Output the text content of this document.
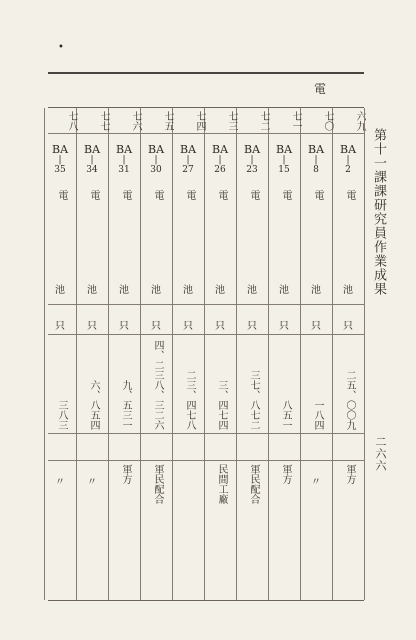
•
電
第十一課課研究員作業成果
二六六
六九
BA
|
2
電
池
只
二五、〇〇九
軍方
七〇
BA
|
8
電
池
只
一八四
〃
七一
BA
|
15
電
池
只
八五一
軍方
七二
BA
|
23
電
池
只
三七、八七二
軍民配合
七三
BA
|
26
電
池
只
三、四七四
民間工廠
七四
BA
|
27
電
池
只
二三、四七八
七五
BA
|
30
電
池
只
四、二三八、三二六
軍民配合
七六
BA
|
31
電
池
只
九、五三一
軍方
七七
BA
|
34
電
池
只
六、八五四
〃
七八
BA
|
35
電
池
只
三八三
〃
